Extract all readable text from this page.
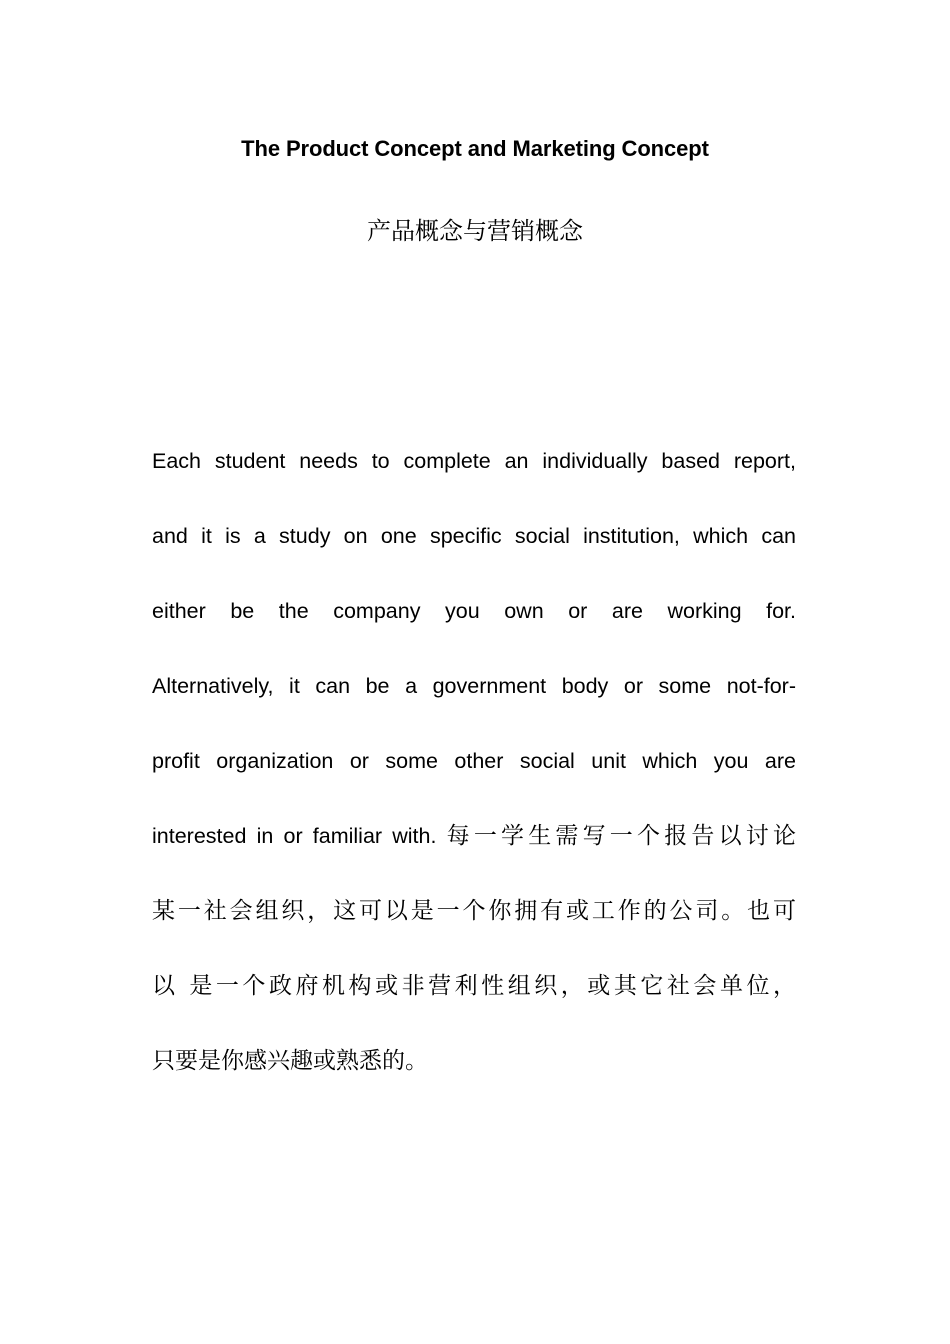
The Product Concept and Marketing Concept
产品概念与营销概念
Each student needs to complete an individually based report,
and it is a study on one specific social institution, which can
either be the company you own or are working for.
Alternatively, it can be a government body or some not-for-
profit organization or some other social unit which you are
interested in or familiar with. 每一学生需写一个报告以讨论
某一社会组织，这可以是一个你拥有或工作的公司。也可
以 是一个政府机构或非营利性组织，或其它社会单位，
只要是你感兴趣或熟悉的。
